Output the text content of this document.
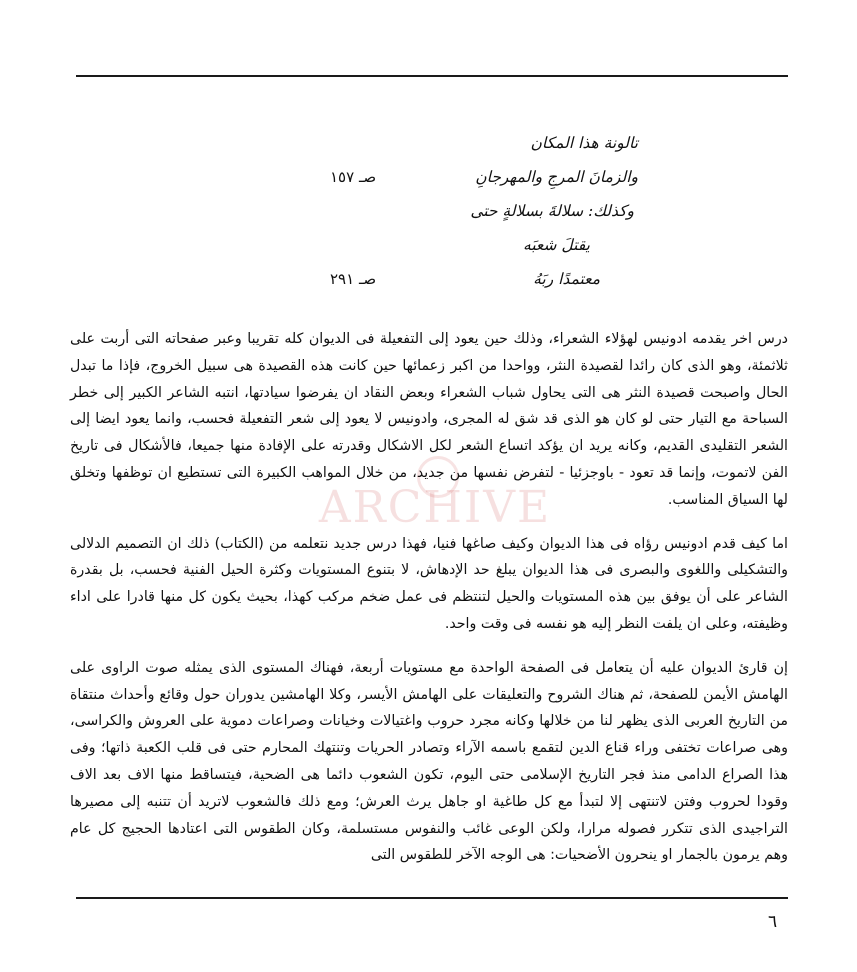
تالونة هذا المكان
والزمانَ المرجِ والمهرجانِ
صـ ١٥٧
وكذلك: سلالةَ بسلالةٍ حتى
يقتلَ شعبَه
معتمدًا ربَهُ
صـ ٢٩١
ARCHIVE

درس اخر يقدمه ادونيس لهؤلاء الشعراء، وذلك حين يعود إلى التفعيلة فى الديوان كله تقريبا وعبر صفحاته التى أربت على ثلاثمئة، وهو الذى كان رائدا لقصيدة النثر، وواحدا من اكبر زعمائها حين كانت هذه القصيدة هى سبيل الخروج، فإذا ما تبدل الحال واصبحت قصيدة النثر هى التى يحاول شباب الشعراء وبعض النقاد ان يفرضوا سيادتها، انتبه الشاعر الكبير إلى خطر السباحة مع التيار حتى لو كان هو الذى قد شق له المجرى، وادونيس لا يعود إلى شعر التفعيلة فحسب، وانما يعود ايضا إلى الشعر التقليدى القديم، وكانه يريد ان يؤكد اتساع الشعر لكل الاشكال وقدرته على الإفادة منها جميعا، فالأشكال فى تاريخ الفن لاتموت، وإنما قد تعود - باوجزئيا - لتفرض نفسها من جديد، من خلال المواهب الكبيرة التى تستطيع ان توظفها وتخلق لها السياق المناسب.

اما كيف قدم ادونيس رؤاه فى هذا الديوان وكيف صاغها فنيا، فهذا درس جديد نتعلمه من (الكتاب) ذلك ان التصميم الدلالى والتشكيلى واللغوى والبصرى فى هذا الديوان يبلغ حد الإدهاش، لا بتنوع المستويات وكثرة الحيل الفنية فحسب، بل بقدرة الشاعر على أن يوفق بين هذه المستويات والحيل لتنتظم فى عمل ضخم مركب كهذا، بحيث يكون كل منها قادرا على اداء وظيفته، وعلى ان يلفت النظر إليه هو نفسه فى وقت واحد.

إن قارئ الديوان عليه أن يتعامل فى الصفحة الواحدة مع مستويات أربعة، فهناك المستوى الذى يمثله صوت الراوى على الهامش الأيمن للصفحة، ثم هناك الشروح والتعليقات على الهامش الأيسر، وكلا الهامشين يدوران حول وقائع وأحداث منتقاة من التاريخ العربى الذى يظهر لنا من خلالها وكانه مجرد حروب واغتيالات وخيانات وصراعات دموية على العروش والكراسى، وهى صراعات تختفى وراء قناع الدين لتقمع باسمه الآراء وتصادر الحريات وتنتهك المحارم حتى فى قلب الكعبة ذاتها؛ وفى هذا الصراع الدامى منذ فجر التاريخ الإسلامى حتى اليوم، تكون الشعوب دائما هى الضحية، فيتساقط منها الاف بعد الاف وقودا لحروب وفتن لاتنتهى إلا لتبدأ مع كل طاغية او جاهل يرث العرش؛ ومع ذلك فالشعوب لاتريد أن تتنبه إلى مصيرها التراجيدى الذى تتكرر فصوله مرارا، ولكن الوعى غائب والنفوس مستسلمة، وكان الطقوس التى اعتادها الحجيج كل عام وهم يرمون بالجمار او ينحرون الأضحيات: هى الوجه الآخر للطقوس التى

٦
